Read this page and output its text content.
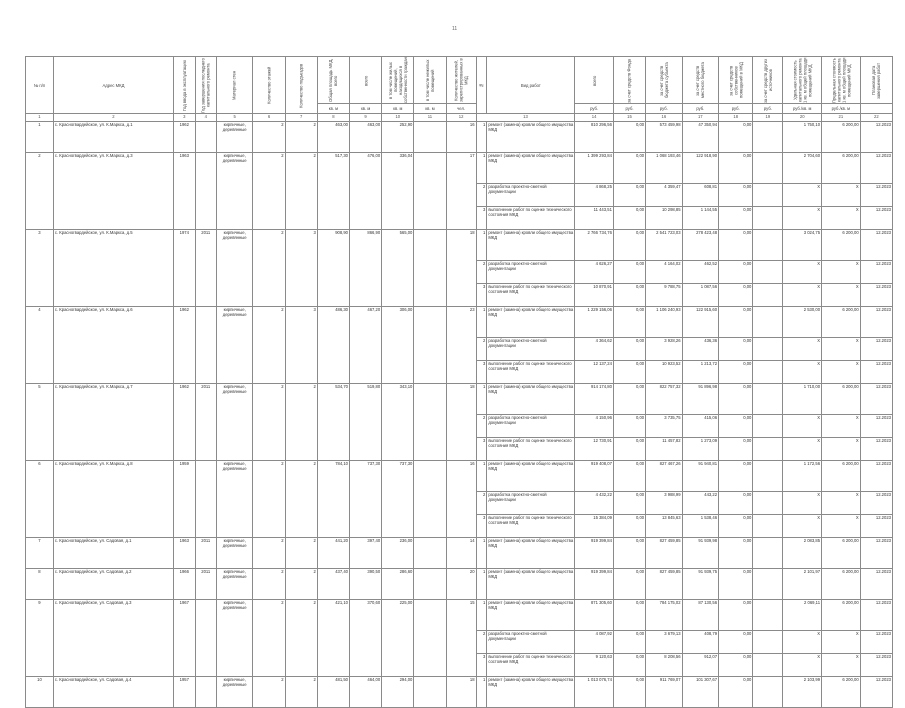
11
№ п/п	Адрес МКД	Год ввода в эксплуатацию	Год завершения последнего капитального ремонта	Материал стен	Количество этажей	Количество подъездов	Общая площадь МКД, всего	всего	в том числе жилых помещений, находящихся в собственности граждан	в том числе нежилых помещений	Количество жителей, зарегистрированных в МКД	№	Вид работ	всего	за счет средств Фонда	за счет средств бюджета субъекта	за счет средств местного бюджета	за счет средств собственников помещений в МКД	за счет средств других источников	Удельная стоимость капитального ремонта 1 кв. м общей площади помещений МКД	Предельная стоимость капитального ремонта 1 кв. м общей площади помещений МКД	Плановая дата завершения работ
							кв. м	кв. м	кв. м	кв. м	чел.			руб.	руб.	руб.	руб.	руб.	руб.	руб./кв. м	руб./кв. м	
1	2	3	4	5	6	7	8	9	10	11	12	13		14	15	16	17	18	19	20	21	22
1	с. Красногвардейское, ул. К.Маркса, д.1	1962		кирпичные, деревянные	2	2	463,00	463,00	252,90		16	1	ремонт (замена) кровли общего имущества МКД	810 296,56	0,00	573 459,98	47 350,94	0,00		1 750,10	6 200,00	12.2023
2	с. Красногвардейское, ул. К.Маркса, д.3	1963		кирпичные, деревянные	2	2	517,30	476,00	336,04		17	1	ремонт (замена) кровли общего имущества МКД	1 399 293,84	0,00	1 068 193,46	122 918,90	0,00		2 704,60	6 200,00	12.2023
												2	разработка проектно-сметной документации	4 868,25	0,00	4 359,47	608,81	0,00		X	X	12.2023
												3	выполнение работ по оценке технического состояния МКД	11 443,51	0,00	10 298,85	1 144,55	0,00		X	X	12.2023
3	с. Красногвардейское, ул. К.Маркса, д.5	1974	2011	кирпичные, деревянные	2	3	908,90	866,90	565,00		18	1	ремонт (замена) кровли общего имущества МКД	2 766 734,76	0,00	2 541 723,03	278 423,48	0,00		3 024,75	6 200,00	12.2023
												2	разработка проектно-сметной документации	4 626,27	0,00	4 164,02	462,52	0,00		X	X	12.2023
												3	выполнение работ по оценке технического состояния МКД	10 870,91	0,00	9 788,75	1 087,56	0,00		X	X	12.2023
4	с. Красногвардейское, ул. К.Маркса, д.6	1962		кирпичные, деревянные	2	3	486,30	467,20	306,00		23	1	ремонт (замена) кровли общего имущества МКД	1 229 156,06	0,00	1 106 240,93	122 915,60	0,00		2 530,00	6 200,00	12.2023
												2	разработка проектно-сметной документации	4 364,62	0,00	3 928,26	436,36	0,00		X	X	12.2023
												3	выполнение работ по оценке технического состояния МКД	12 137,24	0,00	10 923,52	1 213,72	0,00		X	X	12.2023
5	с. Красногвардейское, ул. К.Маркса, д.7	1962	2011	кирпичные, деревянные	2	2	534,70	519,80	343,10		18	1	ремонт (замена) кровли общего имущества МКД	914 174,80	0,00	822 757,32	91 896,98	0,00		1 710,00	6 200,00	12.2023
												2	разработка проектно-сметной документации	4 150,96	0,00	3 735,75	415,06	0,00		X	X	12.2023
												3	выполнение работ по оценке технического состояния МКД	12 730,91	0,00	11 457,82	1 273,09	0,00		X	X	12.2023
6	с. Красногвардейское, ул. К.Маркса, д.8	1959		кирпичные, деревянные	2	2	784,10	737,30	737,30		16	1	ремонт (замена) кровли общего имущества МКД	919 408,07	0,00	827 467,26	91 940,81	0,00		1 172,56	6 200,00	12.2023
												2	разработка проектно-сметной документации	4 432,22	0,00	3 988,99	443,22	0,00		X	X	12.2023
												3	выполнение работ по оценке технического состояния МКД	15 384,09	0,00	13 845,63	1 538,46	0,00		X	X	12.2023
7	с. Красногвардейское, ул. Садовая, д.1	1963	2011	кирпичные, деревянные	2	2	441,20	397,40	236,00		14	1	ремонт (замена) кровли общего имущества МКД	919 399,84	0,00	827 459,85	91 939,98	0,00		2 083,85	6 200,00	12.2023
8	с. Красногвардейское, ул. Садовая, д.2	1966	2011	кирпичные, деревянные	2	2	437,40	390,50	286,60		20	1	ремонт (замена) кровли общего имущества МКД	919 399,84	0,00	827 459,85	91 939,75	0,00		2 101,97	6 200,00	12.2023
9	с. Красногвардейское, ул. Садовая, д.3	1967		кирпичные, деревянные	2	2	421,10	370,60	225,00		15	1	ремонт (замена) кровли общего имущества МКД	871 305,60	0,00	784 175,02	87 130,56	0,00		2 069,11	6 200,00	12.2023
												2	разработка проектно-сметной документации	4 087,92	0,00	3 679,13	408,79	0,00		X	X	12.2023
												3	выполнение работ по оценке технического состояния МКД	9 120,63	0,00	8 208,56	912,07	0,00		X	X	12.2023
10	с. Красногвардейское, ул. Садовая, д.4	1957		кирпичные, деревянные	2	2	481,50	464,00	294,00		18	1	ремонт (замена) кровли общего имущества МКД	1 013 076,74	0,00	911 769,07	101 307,67	0,00		2 103,99	6 200,00	12.2023
